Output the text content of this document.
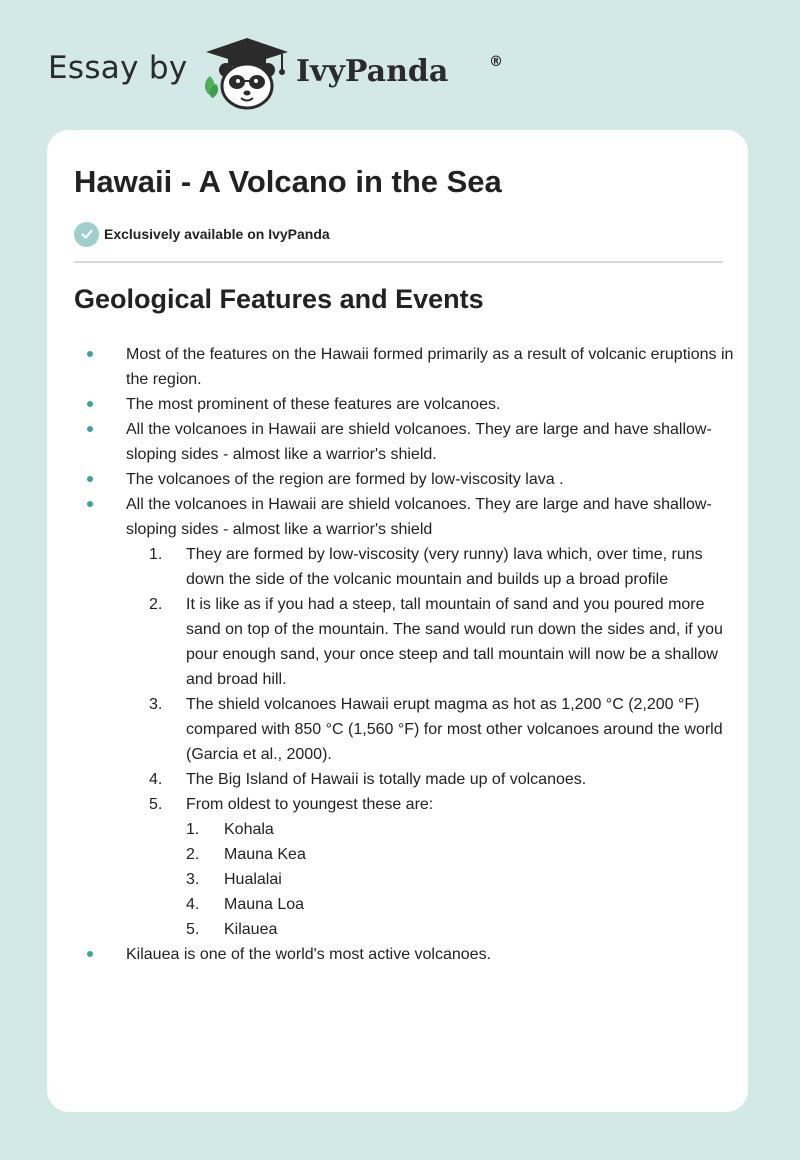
Essay by	IvyPanda	®
Hawaii - A Volcano in the Sea
Exclusively available on IvyPanda
Geological Features and Events
Most of the features on the Hawaii formed primarily as a result of volcanic eruptions in the region.
The most prominent of these features are volcanoes.
All the volcanoes in Hawaii are shield volcanoes. They are large and have shallow-sloping sides - almost like a warrior's shield.
The volcanoes of the region are formed by low-viscosity lava .
All the volcanoes in Hawaii are shield volcanoes. They are large and have shallow-sloping sides - almost like a warrior's shield
1. They are formed by low-viscosity (very runny) lava which, over time, runs down the side of the volcanic mountain and builds up a broad profile
2. It is like as if you had a steep, tall mountain of sand and you poured more sand on top of the mountain. The sand would run down the sides and, if you pour enough sand, your once steep and tall mountain will now be a shallow and broad hill.
3. The shield volcanoes Hawaii erupt magma as hot as 1,200 °C (2,200 °F) compared with 850 °C (1,560 °F) for most other volcanoes around the world (Garcia et al., 2000).
4. The Big Island of Hawaii is totally made up of volcanoes.
5. From oldest to youngest these are:
1. Kohala
2. Mauna Kea
3. Hualalai
4. Mauna Loa
5. Kilauea
Kilauea is one of the world's most active volcanoes.
